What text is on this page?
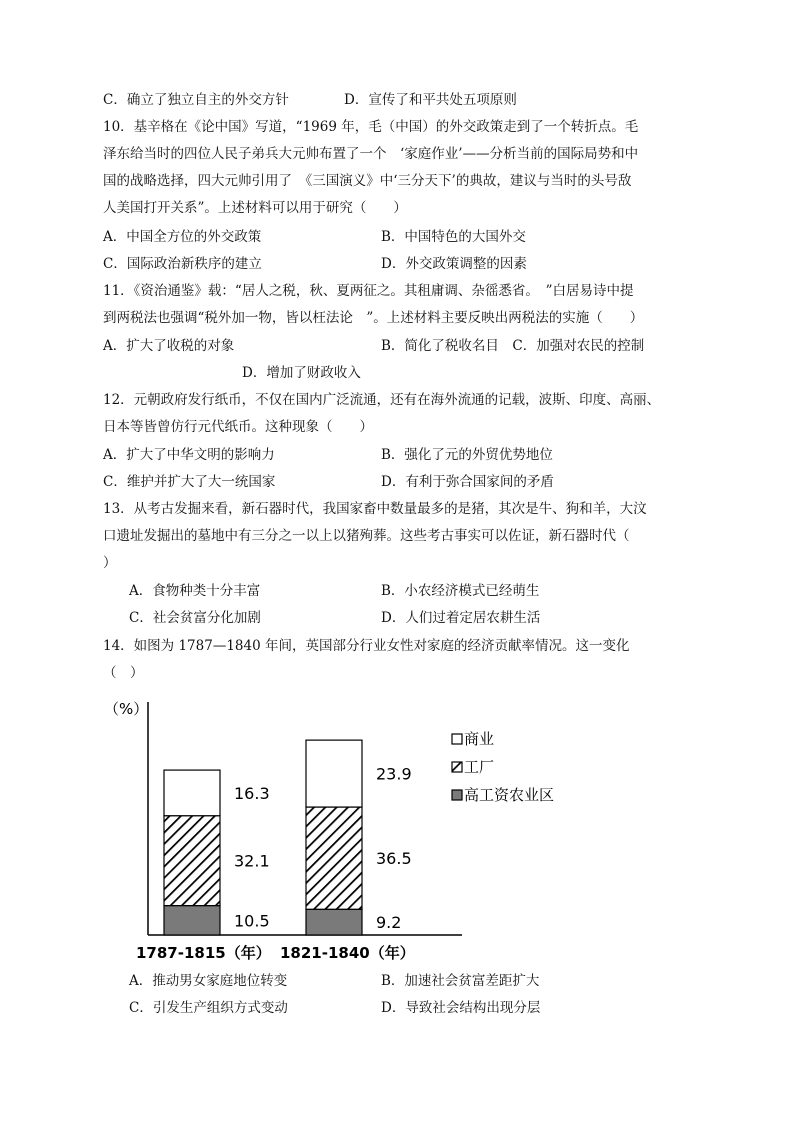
C．确立了独立自主的外交方针	D．宣传了和平共处五项原则
10．基辛格在《论中国》写道，“1969 年，毛（中国）的外交政策走到了一个转折点。毛
泽东给当时的四位人民子弟兵大元帅布置了一个　‘家庭作业’——分析当前的国际局势和中
国的战略选择，四大元帅引用了　《三国演义》中‘三分天下’的典故，建议与当时的头号敌
人美国打开关系”。上述材料可以用于研究（　　）
A．中国全方位的外交政策	B．中国特色的大国外交
C．国际政治新秩序的建立	D．外交政策调整的因素
11．《资治通鉴》载：“居人之税，秋、夏两征之。其租庸调、杂徭悉省。　”白居易诗中提
到两税法也强调“税外加一物，皆以枉法论　”。上述材料主要反映出两税法的实施（　　）
A．扩大了收税的对象	B．简化了税收名目　C．加强对农民的控制
D．增加了财政收入
12．元朝政府发行纸币，不仅在国内广泛流通，还有在海外流通的记载，波斯、印度、高丽、
日本等皆曾仿行元代纸币。这种现象（　　）
A．扩大了中华文明的影响力	B．强化了元的外贸优势地位
C．维护并扩大了大一统国家	D．有利于弥合国家间的矛盾
13．从考古发掘来看，新石器时代，我国家畜中数量最多的是猪，其次是牛、狗和羊，大汶
口遗址发掘出的墓地中有三分之一以上以猪殉葬。这些考古事实可以佐证，新石器时代（
）
A．食物种类十分丰富	B．小农经济模式已经萌生
C．社会贫富分化加剧	D．人们过着定居农耕生活
14．如图为 1787—1840 年间，英国部分行业女性对家庭的经济贡献率情况。这一变化
（　）
（%）
10.5
32.1
16.3
1787-1815（年）
9.2
36.5
23.9
1821-1840（年）
商业
工厂
高工资农业区
A．推动男女家庭地位转变	B．加速社会贫富差距扩大
C．引发生产组织方式变动	D．导致社会结构出现分层
